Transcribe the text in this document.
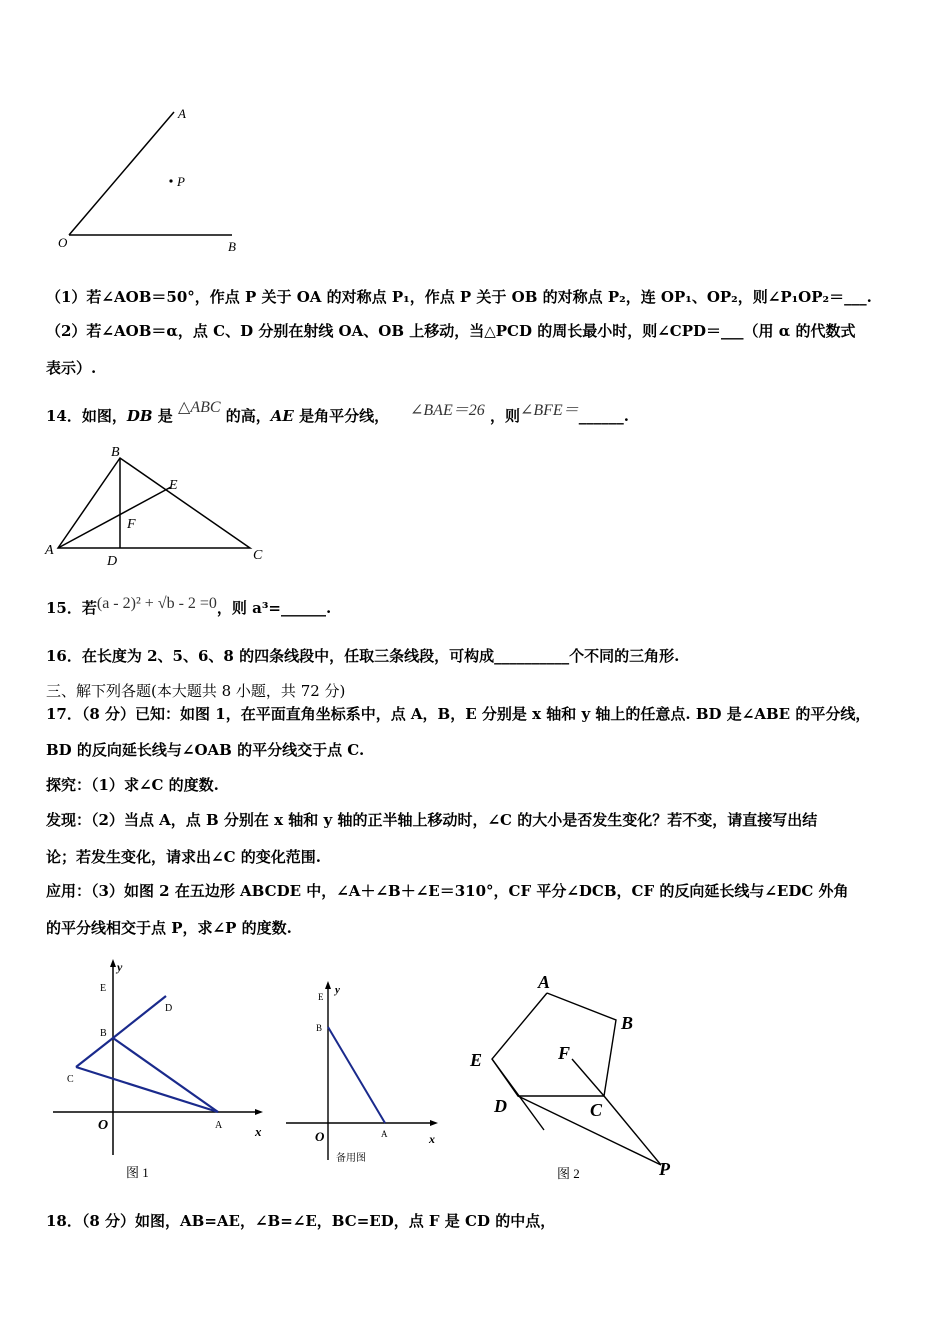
A
P
O	B
（1）若∠AOB＝50°，作点 P 关于 OA 的对称点 P₁，作点 P 关于 OB 的对称点 P₂，连 OP₁、OP₂，则∠P₁OP₂＝___.
（2）若∠AOB＝α，点 C、D 分别在射线 OA、OB 上移动，当△PCD 的周长最小时，则∠CPD＝___（用 α 的代数式
表示）.
14．如图，DB 是 △ABC 的高，AE 是角平分线， ∠BAE＝26 ，则∠BFE＝______.
B
E
F
A
D	C
15．若(a - 2)² + √b - 2 =0，则 a³=______.
16．在长度为 2、5、6、8 的四条线段中，任取三条线段，可构成__________个不同的三角形.
三、解下列各题(本大题共 8 小题，共 72 分)
17．（8 分）已知：如图 1，在平面直角坐标系中，点 A，B，E 分别是 x 轴和 y 轴上的任意点. BD 是∠ABE 的平分线，
BD 的反向延长线与∠OAB 的平分线交于点 C.
探究：（1）求∠C 的度数.
发现：（2）当点 A，点 B 分别在 x 轴和 y 轴的正半轴上移动时，∠C 的大小是否发生变化？若不变，请直接写出结
论；若发生变化，请求出∠C 的变化范围.
应用：（3）如图 2 在五边形 ABCDE 中，∠A＋∠B＋∠E＝310°，CF 平分∠DCB，CF 的反向延长线与∠EDC 外角
的平分线相交于点 P，求∠P 的度数.
y
E
D
B
C
O	A	x
图 1
y
E
B
O	A	x
备用图
A
B
E	F
D	C
P
图 2
18．（8 分）如图，AB=AE，∠B=∠E，BC=ED，点 F 是 CD 的中点，
